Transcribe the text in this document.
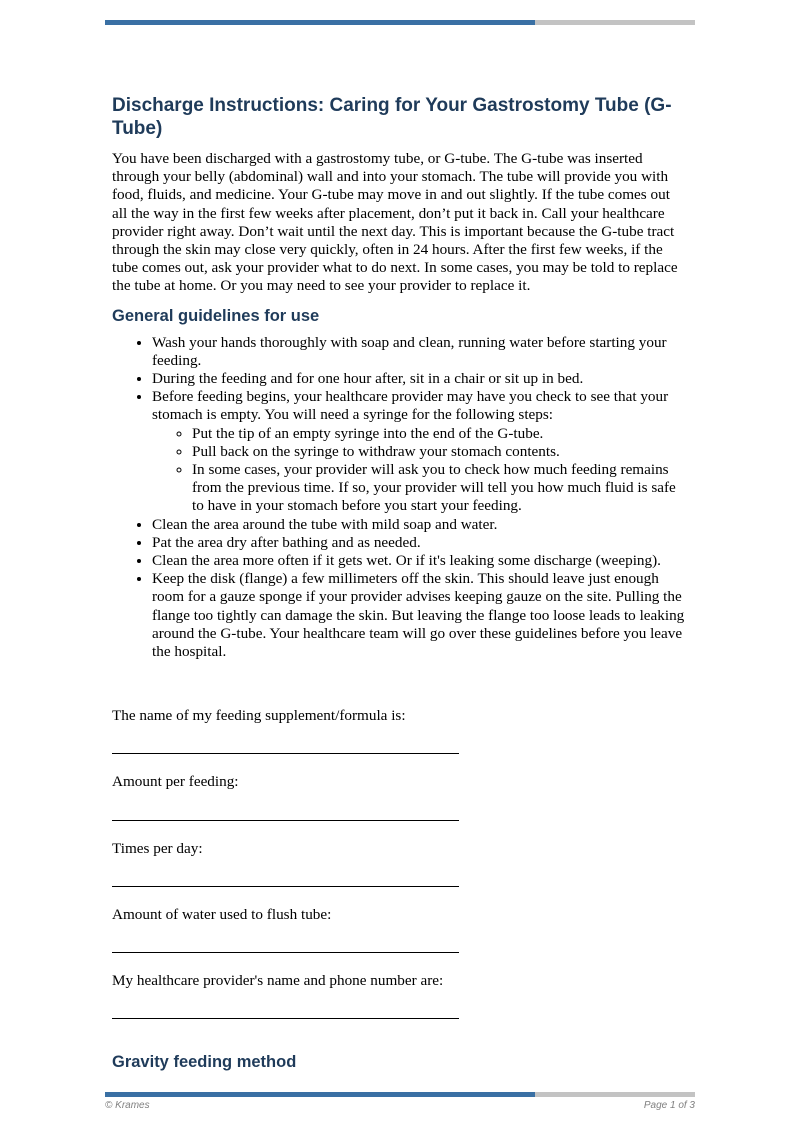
Discharge Instructions: Caring for Your Gastrostomy Tube (G-Tube)

You have been discharged with a gastrostomy tube, or G-tube. The G-tube was inserted through your belly (abdominal) wall and into your stomach. The tube will provide you with food, fluids, and medicine. Your G-tube may move in and out slightly. If the tube comes out all the way in the first few weeks after placement, don’t put it back in. Call your healthcare provider right away. Don’t wait until the next day. This is important because the G-tube tract through the skin may close very quickly, often in 24 hours. After the first few weeks, if the tube comes out, ask your provider what to do next. In some cases, you may be told to replace the tube at home. Or you may need to see your provider to replace it.

General guidelines for use
• Wash your hands thoroughly with soap and clean, running water before starting your feeding.
• During the feeding and for one hour after, sit in a chair or sit up in bed.
• Before feeding begins, your healthcare provider may have you check to see that your stomach is empty. You will need a syringe for the following steps:
◦ Put the tip of an empty syringe into the end of the G-tube.
◦ Pull back on the syringe to withdraw your stomach contents.
◦ In some cases, your provider will ask you to check how much feeding remains from the previous time. If so, your provider will tell you how much fluid is safe to have in your stomach before you start your feeding.
• Clean the area around the tube with mild soap and water.
• Pat the area dry after bathing and as needed.
• Clean the area more often if it gets wet. Or if it's leaking some discharge (weeping).
• Keep the disk (flange) a few millimeters off the skin. This should leave just enough room for a gauze sponge if your provider advises keeping gauze on the site. Pulling the flange too tightly can damage the skin. But leaving the flange too loose leads to leaking around the G-tube. Your healthcare team will go over these guidelines before you leave the hospital.

The name of my feeding supplement/formula is:

Amount per feeding:

Times per day:

Amount of water used to flush tube:

My healthcare provider's name and phone number are:

Gravity feeding method
© Krames	Page 1 of 3
